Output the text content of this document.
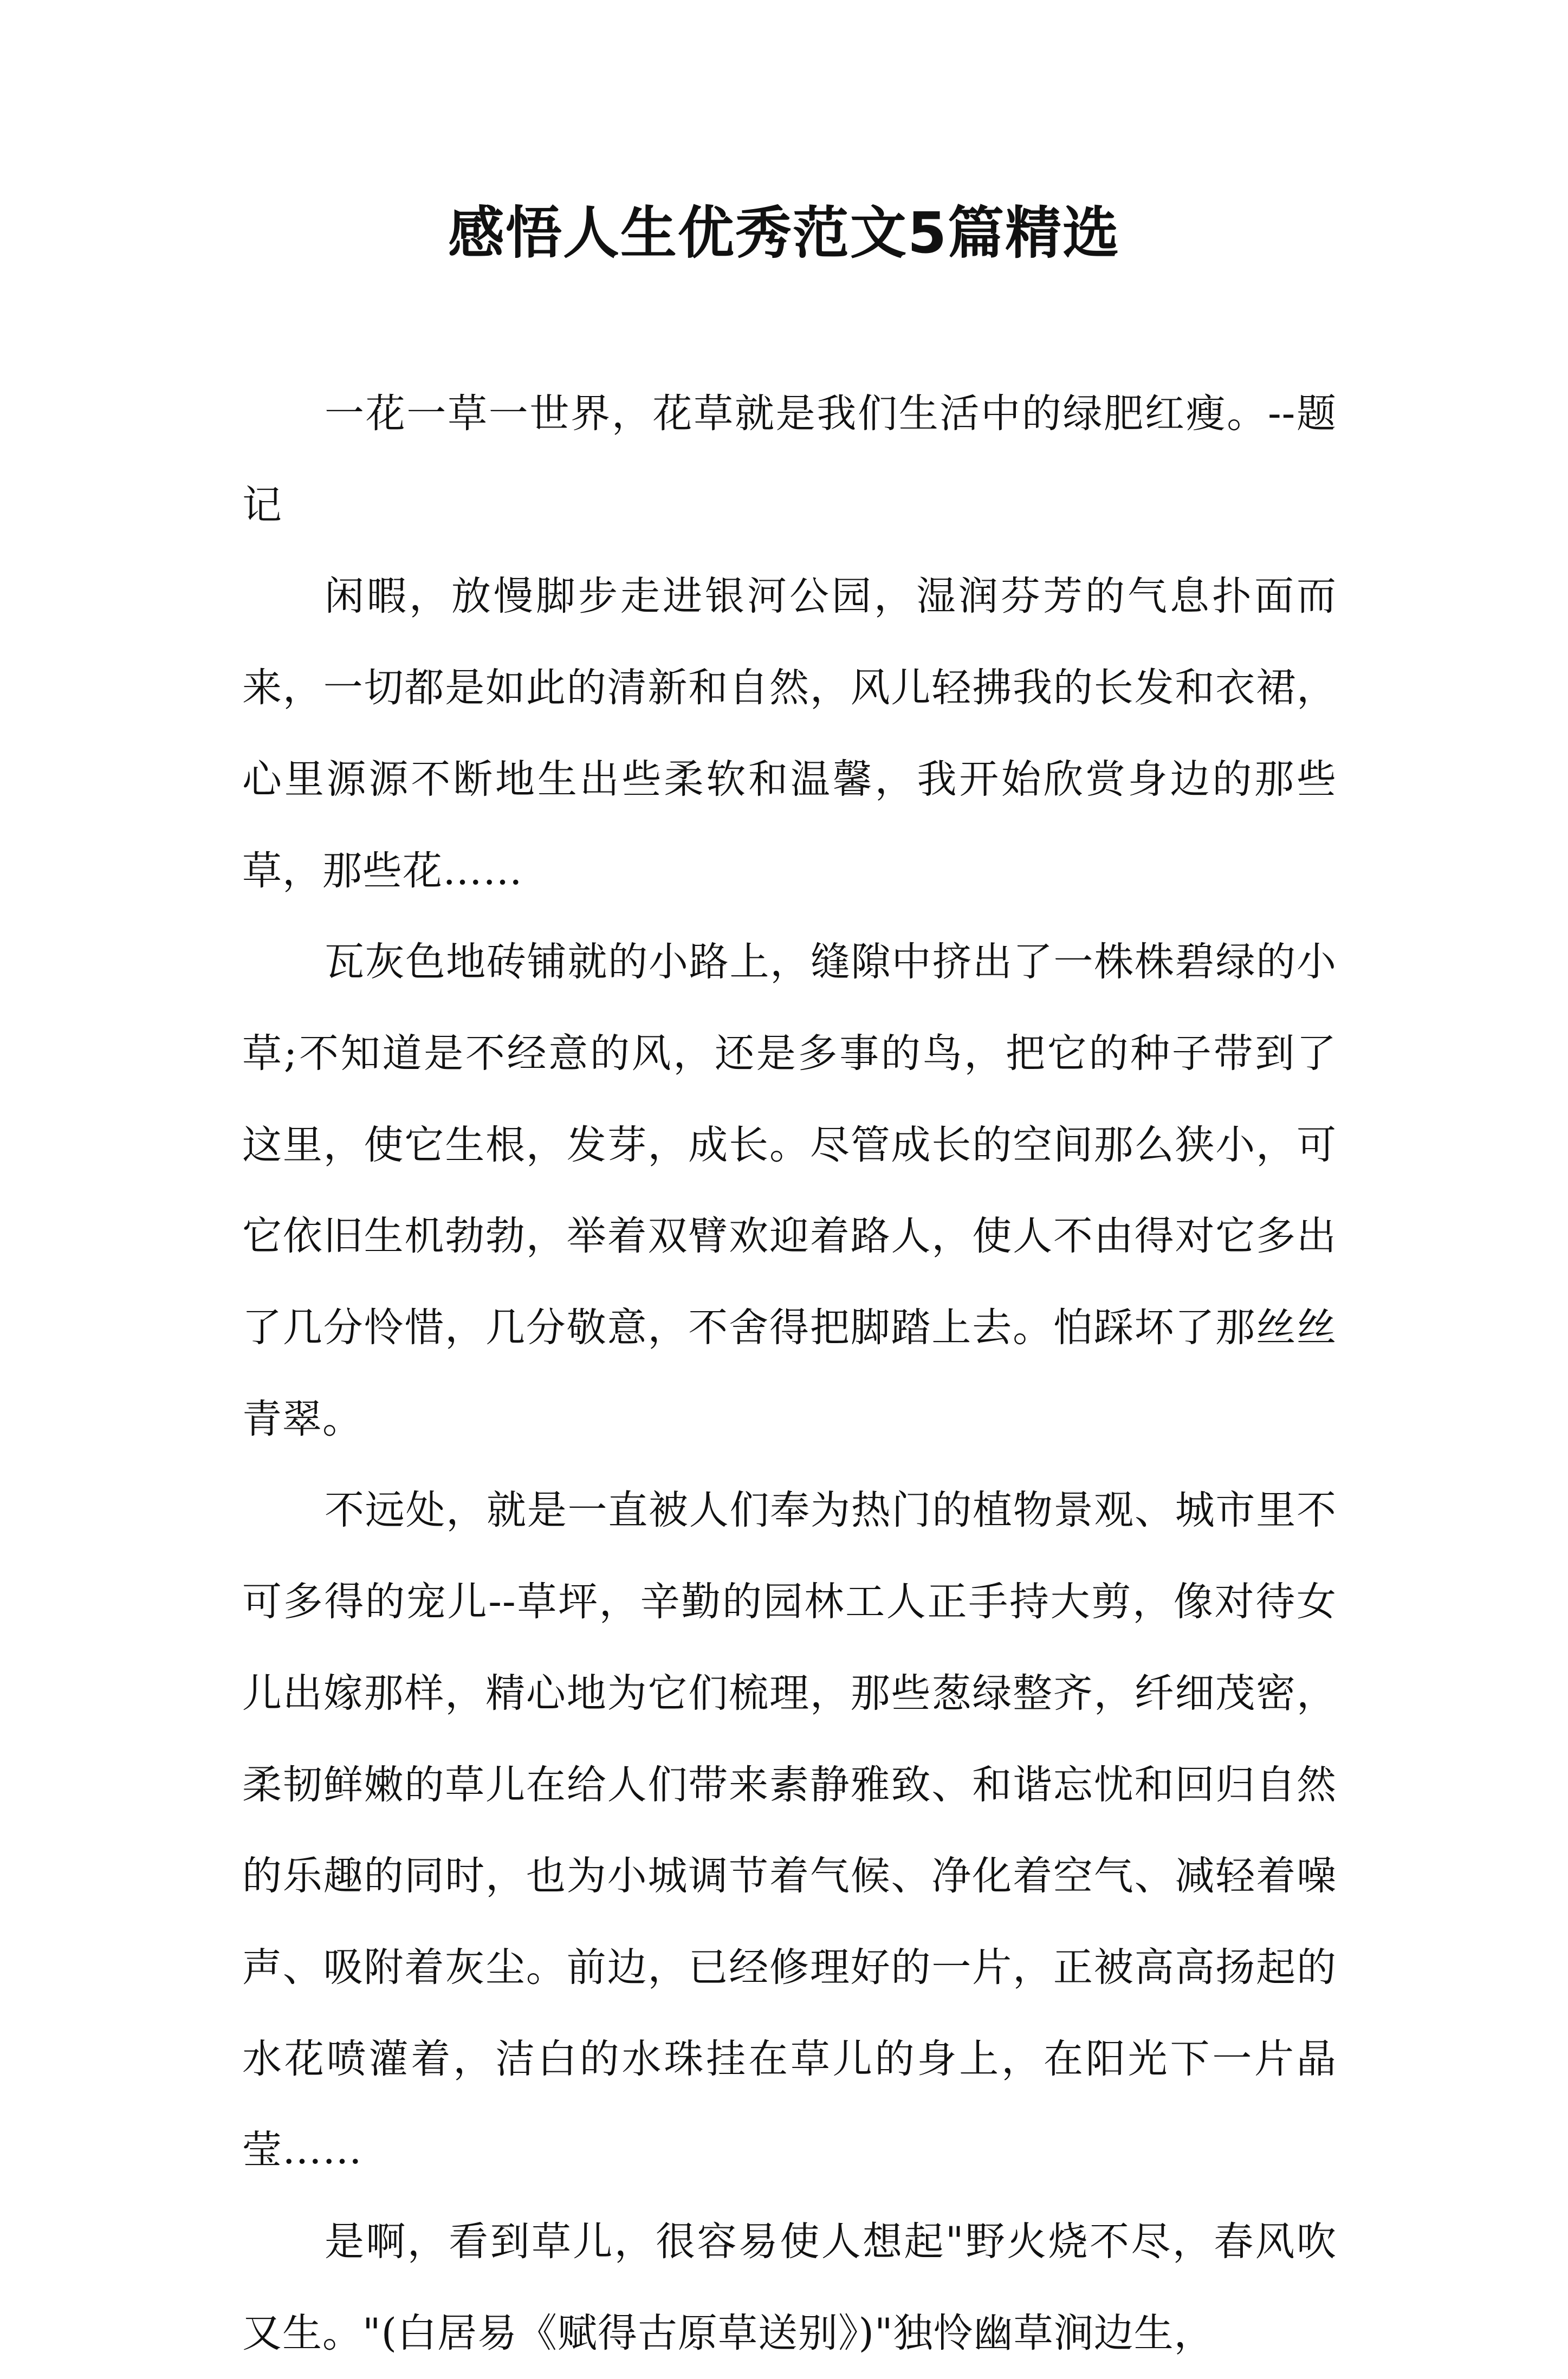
感悟人生优秀范文5篇精选

一花一草一世界，花草就是我们生活中的绿肥红瘦。--题记

闲暇，放慢脚步走进银河公园，湿润芬芳的气息扑面而来，一切都是如此的清新和自然，风儿轻拂我的长发和衣裙，心里源源不断地生出些柔软和温馨，我开始欣赏身边的那些草，那些花……

瓦灰色地砖铺就的小路上，缝隙中挤出了一株株碧绿的小草;不知道是不经意的风，还是多事的鸟，把它的种子带到了这里，使它生根，发芽，成长。尽管成长的空间那么狭小，可它依旧生机勃勃，举着双臂欢迎着路人，使人不由得对它多出了几分怜惜，几分敬意，不舍得把脚踏上去。怕踩坏了那丝丝青翠。

不远处，就是一直被人们奉为热门的植物景观、城市里不可多得的宠儿--草坪，辛勤的园林工人正手持大剪，像对待女儿出嫁那样，精心地为它们梳理，那些葱绿整齐，纤细茂密，柔韧鲜嫩的草儿在给人们带来素静雅致、和谐忘忧和回归自然的乐趣的同时，也为小城调节着气候、净化着空气、减轻着噪声、吸附着灰尘。前边，已经修理好的一片，正被高高扬起的水花喷灌着，洁白的水珠挂在草儿的身上，在阳光下一片晶莹……

是啊，看到草儿，很容易使人想起"野火烧不尽，春风吹又生。"(白居易《赋得古原草送别》)"独怜幽草涧边生，
